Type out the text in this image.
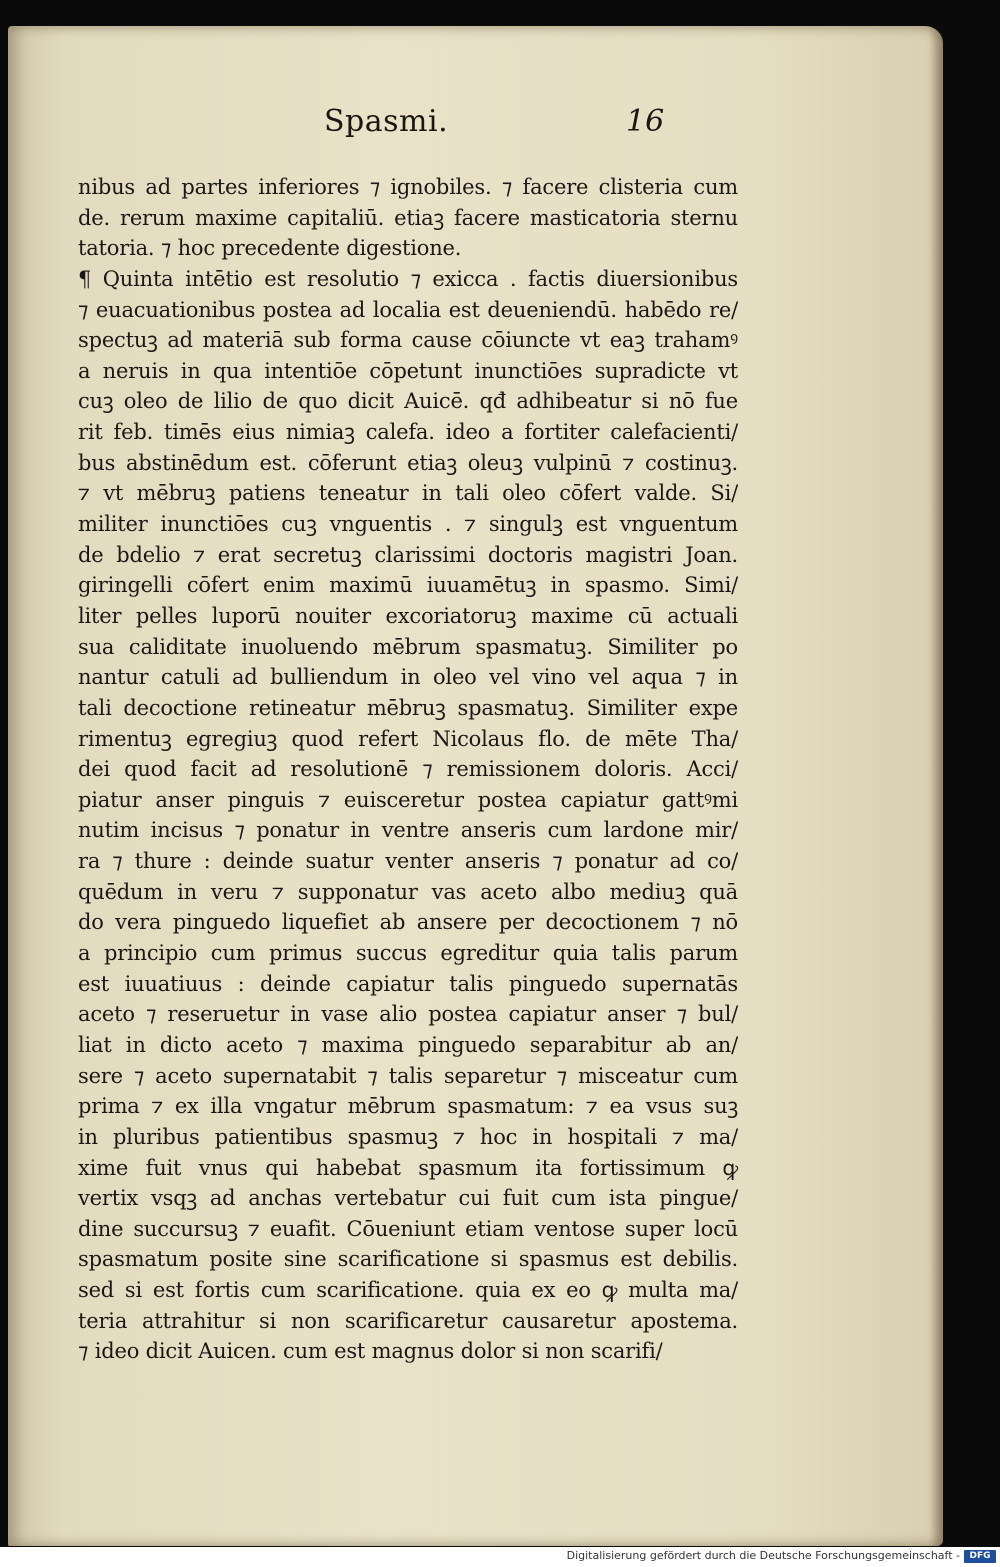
Spasmi.	16
nibus ad partes inferiores ⁊ ignobiles. ⁊ facere clisteria cum
de. rerum maxime capitaliū. etiaꝫ facere masticatoria sternu
tatoria. ⁊ hoc precedente digestione.
¶ Quinta intētio est resolutio ⁊ exicca . factis diuersionibus
⁊ euacuationibus postea ad localia est deueniendū. habēdo re/
spectuꝫ ad materiā sub forma cause cōiuncte vt eaꝫ trahamꝰ
a neruis in qua intentiōe cōpetunt inunctiōes supradicte vt
cuꝫ oleo de lilio de quo dicit Auicē. qđ adhibeatur si nō fue
rit feb. timēs eius nimiaꝫ calefa. ideo a fortiter calefacienti/
bus abstinēdum est. cōferunt etiaꝫ oleuꝫ vulpinū ⁊ costinuꝫ.
⁊ vt mēbruꝫ patiens teneatur in tali oleo cōfert valde. Si/
militer inunctiōes cuꝫ vnguentis . ⁊ singulꝫ est vnguentum
de bdelio ⁊ erat secretuꝫ clarissimi doctoris magistri Joan.
giringelli cōfert enim maximū iuuamētuꝫ in spasmo. Simi/
liter pelles luporū nouiter excoriatoruꝫ maxime cū actuali
sua caliditate inuoluendo mēbrum spasmatuꝫ. Similiter po
nantur catuli ad bulliendum in oleo vel vino vel aqua ⁊ in
tali decoctione retineatur mēbruꝫ spasmatuꝫ. Similiter expe
rimentuꝫ egregiuꝫ quod refert Nicolaus flo. de mēte Tha/
dei quod facit ad resolutionē ⁊ remissionem doloris. Acci/
piatur anser pinguis ⁊ euisceretur postea capiatur gattꝰmi
nutim incisus ⁊ ponatur in ventre anseris cum lardone mir/
ra ⁊ thure : deinde suatur venter anseris ⁊ ponatur ad co/
quēdum in veru ⁊ supponatur vas aceto albo mediuꝫ quā
do vera pinguedo liquefiet ab ansere per decoctionem ⁊ nō
a principio cum primus succus egreditur quia talis parum
est iuuatiuus : deinde capiatur talis pinguedo supernatās
aceto ⁊ reseruetur in vase alio postea capiatur anser ⁊ bul/
liat in dicto aceto ⁊ maxima pinguedo separabitur ab an/
sere ⁊ aceto supernatabit ⁊ talis separetur ⁊ misceatur cum
prima ⁊ ex illa vngatur mēbrum spasmatum: ⁊ ea vsus suꝫ
in pluribus patientibus spasmuꝫ ⁊ hoc in hospitali ⁊ ma/
xime fuit vnus qui habebat spasmum ita fortissimum ꝙ
vertix vsqꝫ ad anchas vertebatur cui fuit cum ista pingue/
dine succursuꝫ ⁊ euafit. Cōueniunt etiam ventose super locū
spasmatum posite sine scarificatione si spasmus est debilis.
sed si est fortis cum scarificatione. quia ex eo ꝙ multa ma/
teria attrahitur si non scarificaretur causaretur apostema.
⁊ ideo dicit Auicen. cum est magnus dolor si non scarifi/
Digitalisierung gefördert durch die Deutsche Forschungsgemeinschaft -	DFG
